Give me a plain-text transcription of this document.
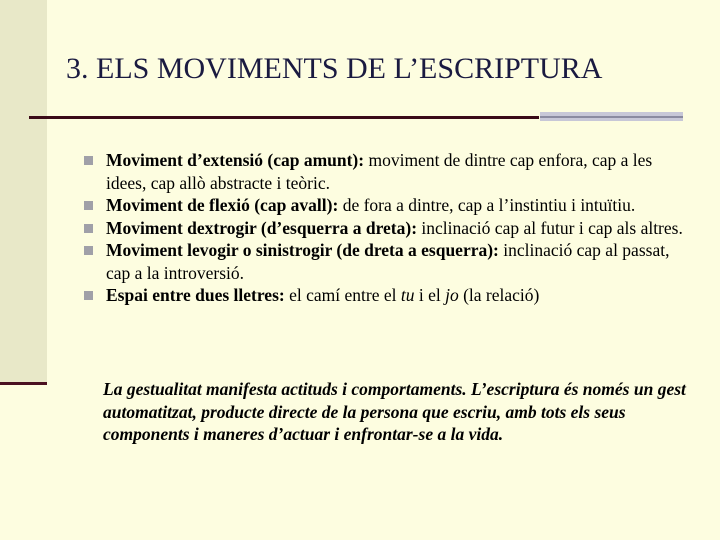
3. ELS MOVIMENTS DE L’ESCRIPTURA
Moviment d’extensió (cap amunt): moviment de dintre cap enfora, cap a les idees, cap allò abstracte i teòric.
Moviment de flexió (cap avall): de fora a dintre, cap a l’instintiu i intuïtiu.
Moviment dextrogir (d’esquerra a dreta): inclinació cap al futur i cap als altres.
Moviment levogir o sinistrogir (de dreta a esquerra): inclinació cap al passat, cap a la introversió.
Espai entre dues lletres: el camí entre el tu i el jo (la relació)
La gestualitat manifesta actituds i comportaments. L’escriptura és només un gest automatitzat, producte directe de la persona que escriu, amb tots els seus components i maneres d’actuar i enfrontar-se a la vida.
